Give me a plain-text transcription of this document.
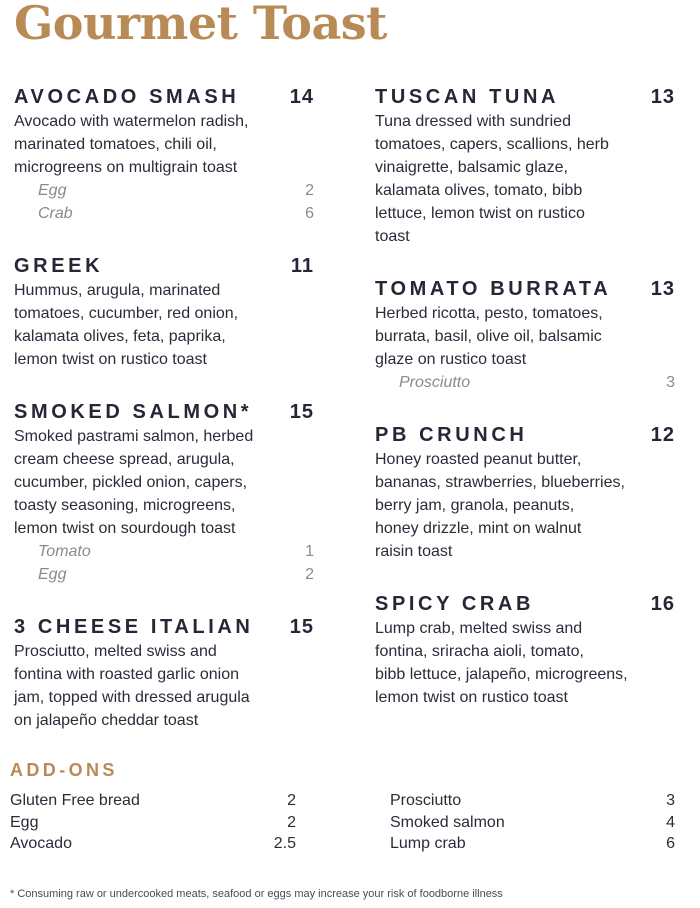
Gourmet Toast
AVOCADO SMASH	14
Avocado with watermelon radish,
marinated tomatoes, chili oil,
microgreens on multigrain toast
Egg	2
Crab	6
GREEK	11
Hummus, arugula, marinated
tomatoes, cucumber, red onion,
kalamata olives, feta, paprika,
lemon twist on rustico toast
SMOKED SALMON* 15
Smoked pastrami salmon, herbed
cream cheese spread, arugula,
cucumber, pickled onion, capers,
toasty seasoning, microgreens,
lemon twist on sourdough toast
Tomato	1
Egg	2
3 CHEESE ITALIAN 15
Prosciutto, melted swiss and
fontina with roasted garlic onion
jam, topped with dressed arugula
on jalapeño cheddar toast
TUSCAN TUNA	13
Tuna dressed with sundried
tomatoes, capers, scallions, herb
vinaigrette, balsamic glaze,
kalamata olives, tomato, bibb
lettuce, lemon twist on rustico
toast
TOMATO BURRATA 13
Herbed ricotta, pesto, tomatoes,
burrata, basil, olive oil, balsamic
glaze on rustico toast
Prosciutto	3
PB CRUNCH	12
Honey roasted peanut butter,
bananas, strawberries, blueberries,
berry jam, granola, peanuts,
honey drizzle, mint on walnut
raisin toast
SPICY CRAB	16
Lump crab, melted swiss and
fontina, sriracha aioli, tomato,
bibb lettuce, jalapeño, microgreens,
lemon twist on rustico toast
ADD-ONS
Gluten Free bread	2
Egg	2
Avocado	2.5
Prosciutto	3
Smoked salmon	4
Lump crab	6
* Consuming raw or undercooked meats, seafood or eggs may increase your risk of foodborne illness
